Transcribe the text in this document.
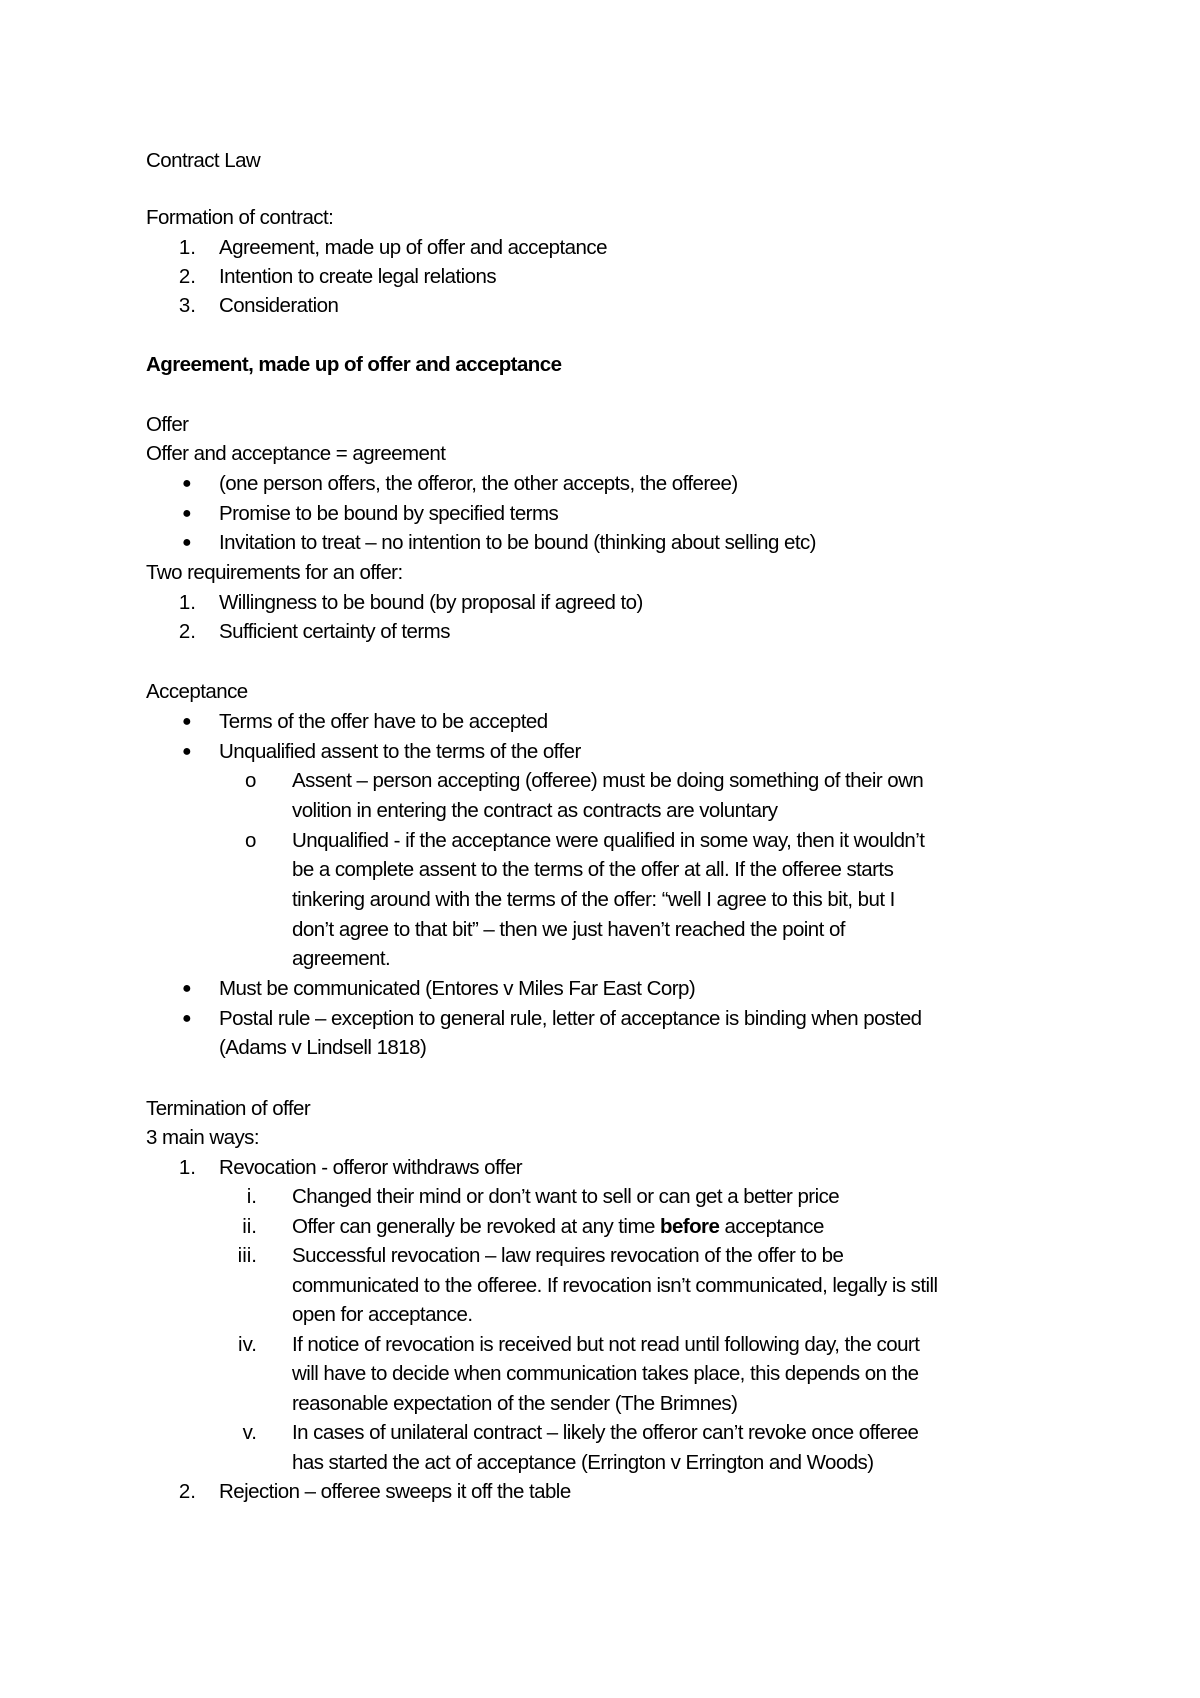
Contract Law
Formation of contract:
1. Agreement, made up of offer and acceptance
2. Intention to create legal relations
3. Consideration
Agreement, made up of offer and acceptance
Offer
Offer and acceptance = agreement
● (one person offers, the offeror, the other accepts, the offeree)
● Promise to be bound by specified terms
● Invitation to treat – no intention to be bound (thinking about selling etc)
Two requirements for an offer:
1. Willingness to be bound (by proposal if agreed to)
2. Sufficient certainty of terms
Acceptance
● Terms of the offer have to be accepted
● Unqualified assent to the terms of the offer
o Assent – person accepting (offeree) must be doing something of their own
volition in entering the contract as contracts are voluntary
o Unqualified - if the acceptance were qualified in some way, then it wouldn’t
be a complete assent to the terms of the offer at all. If the offeree starts
tinkering around with the terms of the offer: “well I agree to this bit, but I
don’t agree to that bit” – then we just haven’t reached the point of
agreement.
● Must be communicated (Entores v Miles Far East Corp)
● Postal rule – exception to general rule, letter of acceptance is binding when posted
(Adams v Lindsell 1818)
Termination of offer
3 main ways:
1. Revocation - offeror withdraws offer
i. Changed their mind or don’t want to sell or can get a better price
ii. Offer can generally be revoked at any time before acceptance
iii. Successful revocation – law requires revocation of the offer to be
communicated to the offeree. If revocation isn’t communicated, legally is still
open for acceptance.
iv. If notice of revocation is received but not read until following day, the court
will have to decide when communication takes place, this depends on the
reasonable expectation of the sender (The Brimnes)
v. In cases of unilateral contract – likely the offeror can’t revoke once offeree
has started the act of acceptance (Errington v Errington and Woods)
2. Rejection – offeree sweeps it off the table
